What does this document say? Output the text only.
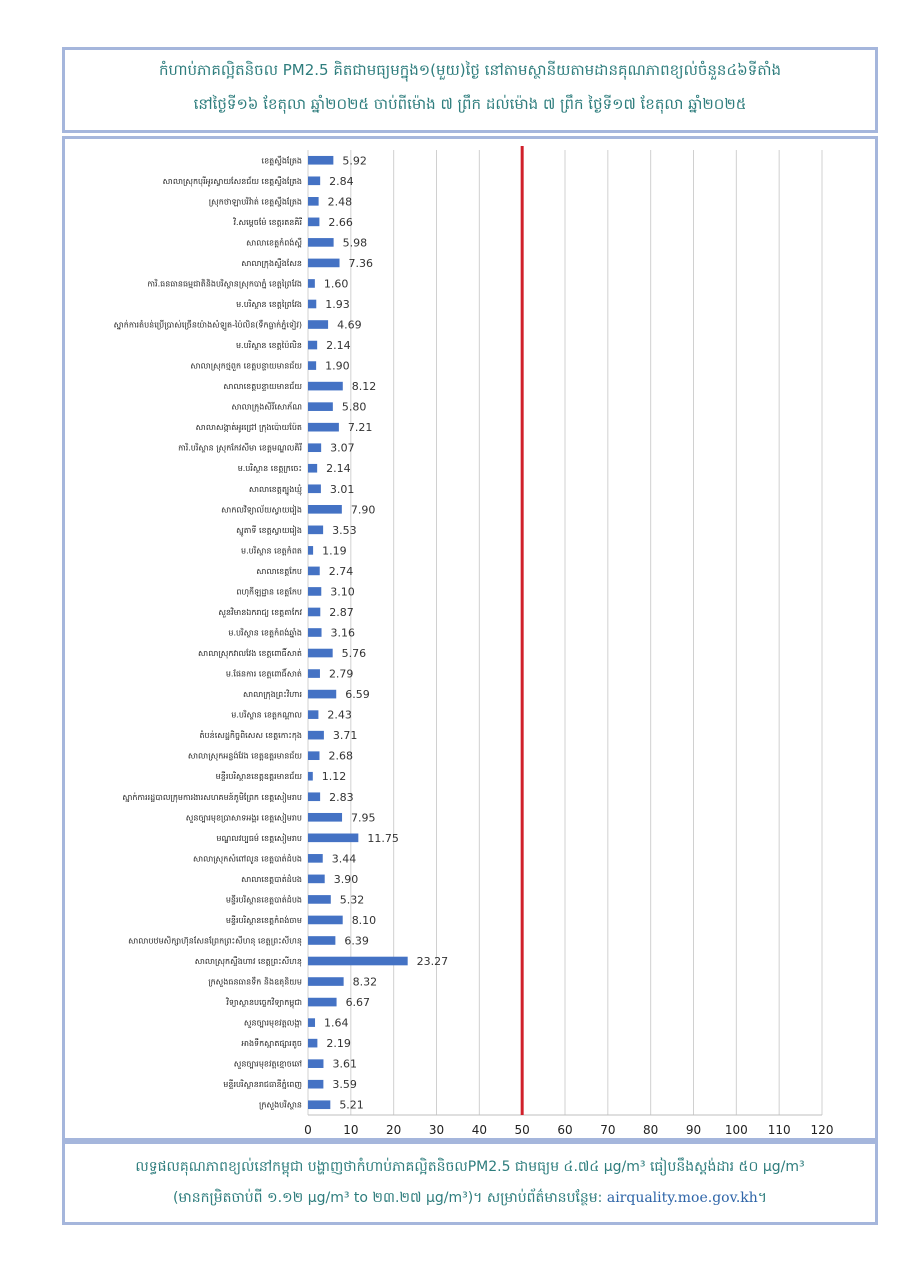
កំហាប់ភាគល្អិតនិចល PM2.5 គិតជាមធ្យមក្នុង១(មួយ)ថ្ងៃ នៅតាមស្ថានីយតាមដានគុណភាពខ្យល់ចំនួន៤៦ទីតាំង
នៅថ្ងៃទី១៦ ខែតុលា ឆ្នាំ២០២៥ ចាប់ពីម៉ោង ៧ ព្រឹក ដល់ម៉ោង ៧ ព្រឹក ថ្ងៃទី១៧ ខែតុលា ឆ្នាំ២០២៥
0	10 20 30 40 50 60 70 80 90 100 110 120
ខេត្តស្ទឹងត្រែង	5.92
សាលាស្រុកបុរីអូរស្វាយសែនជ័យ ខេត្តស្ទឹងត្រែង 2.84
ស្រុកថាឡាបរិវ៉ាត់ ខេត្តស្ទឹងត្រែង 2.48
វិ.សម្ដេចម៉ែ ខេត្តរតនគិរី 2.66
សាលាខេត្តកំពង់ស្ពឺ	5.98
សាលាក្រុងស្ទឹងសែន	7.36
ការិ.ធនធានធម្មជាតិនិងបរិស្ថានស្រុកបាភ្នំ ខេត្តព្រៃវែង 1.60
ម.បរិស្ថាន ខេត្តព្រៃវែង 1.93
ស្នាក់ការតំបន់ប្រើប្រាស់ច្រើនយ៉ាងសំឡូត-ប៉ៃលិន(ទឹកធ្លាក់ភ្នំទៀវ)	4.69
ម.បរិស្ថាន ខេត្តប៉ៃលិន 2.14
សាលាស្រុកថ្មពួក ខេត្តបន្ទាយមានជ័យ 1.90
សាលាខេត្តបន្ទាយមានជ័យ	8.12
សាលាក្រុងសិរីសោភ័ណ	5.80
សាលាសង្កាត់អូរជ្រៅ ក្រុងប៉ោយប៉ែត	7.21
ការិ.បរិស្ថាន ស្រុកកែវសីមា ខេត្តមណ្ឌលគិរី	3.07
ម.បរិស្ថាន ខេត្តក្រចេះ 2.14
សាលាខេត្តត្បូងឃ្មុំ	3.01
សាកលវិទ្យាល័យស្វាយរៀង	7.90
ស្នូតាទី ខេត្តស្វាយរៀង	3.53
ម.បរិស្ថាន ខេត្តកំពត 1.19
សាលាខេត្តកែប 2.74
ពហុកីឡដ្ឋាន ខេត្តកែប	3.10
សួនវិមានឯករាជ្យ ខេត្តតាកែវ 2.87
ម.បរិស្ថាន ខេត្តកំពង់ឆ្នាំង	3.16
សាលាស្រុកវាលវែង ខេត្តពោធិ៍សាត់	5.76
ម.ផែនការ ខេត្តពោធិ៍សាត់ 2.79
សាលាក្រុងព្រះវិហារ	6.59
ម.បរិស្ថាន ខេត្តកណ្ដាល 2.43
តំបន់សេដ្ឋកិច្ចពិសេស ខេត្តកោះកុង	3.71
សាលាស្រុកអន្លង់វែង ខេត្តឧត្តរមានជ័យ 2.68
មន្ទីរបរិស្ថានខេត្តឧត្តរមានជ័យ 1.12
ស្នាក់ការរដ្ឋបាលក្រុមការងារសហគមន៍ភូមិព្រែក ខេត្តសៀមរាប 2.83
សួនច្បារមុខប្រាសាទអង្គរ ខេត្តសៀមរាប	7.95
មណ្ឌលវប្បធម៌ ខេត្តសៀមរាប	11.75
សាលាស្រុកសំពៅលូន ខេត្តបាត់ដំបង	3.44
សាលាខេត្តបាត់ដំបង	3.90
មន្ទីរបរិស្ថានខេត្តបាត់ដំបង	5.32
មន្ទីរបរិស្ថានខេត្តកំពង់ចាម	8.10
សាលាបឋមសិក្សាហ៊ុនសែនព្រែកព្រះសីហនុ ខេត្តព្រះសីហនុ	6.39
សាលាស្រុកស្ទឹងហាវ ខេត្តព្រះសីហនុ	23.27
ក្រសួងធនធានទឹក និងឧតុនិយម	8.32
វិទ្យាស្ថានបច្ចេកវិទ្យាកម្ពុជា	6.67
សួនច្បារមុខវត្តលង្កា 1.64
អាងទឹកស្អាតផ្សារតូច 2.19
សួនច្បារមុខវត្តខ្មោចឆៅ	3.61
មន្ទីរបរិស្ថានរាជធានីភ្នំពេញ	3.59
ក្រសួងបរិស្ថាន	5.21
លទ្ធផលគុណភាពខ្យល់នៅកម្ពុជា បង្ហាញថាកំហាប់ភាគល្អិតនិចលPM2.5 ជាមធ្យម ៤.៧៤ μg/m³ ធៀបនឹងស្តង់ដារ ៥០ μg/m³
(មានកម្រិតចាប់ពី ១.១២ μg/m³ to ២៣.២៧ μg/m³)។ សម្រាប់ព័ត៌មានបន្ថែម: airquality.moe.gov.kh។
